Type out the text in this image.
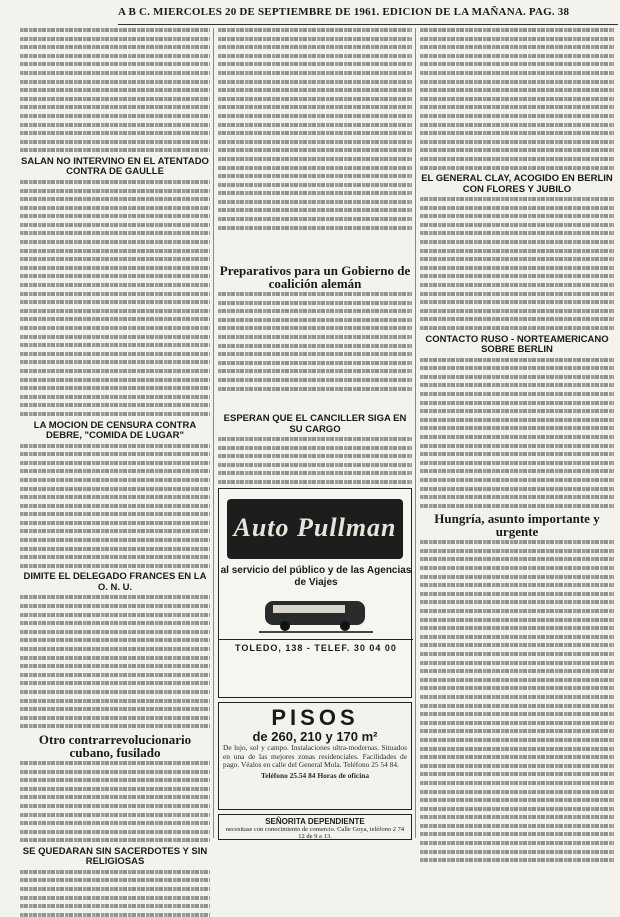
A B C. MIERCOLES 20 DE SEPTIEMBRE DE 1961. EDICION DE LA MAÑANA. PAG. 38
SALAN NO INTERVINO EN EL ATENTADO CONTRA DE GAULLE
LA MOCION DE CENSURA CONTRA DEBRE, "COMIDA DE LUGAR"
DIMITE EL DELEGADO FRANCES EN LA O. N. U.
Otro contrarrevolucionario cubano, fusilado
SE QUEDARAN SIN SACERDOTES Y SIN RELIGIOSAS
Preparativos para un Gobierno de coalición alemán
ESPERAN QUE EL CANCILLER SIGA EN SU CARGO
Auto Pullman
al servicio del público y de las Agencias de Viajes
TOLEDO, 138 - TELEF. 30 04 00
PISOS
de 260, 210 y 170 m²
De lujo, sol y campo. Instalaciones ultra-modernas. Situados en una de las mejores zonas residenciales. Facilidades de pago. Véalos en calle del General Mola. Teléfono 25 54 84.
Teléfono 25.54 84 Horas de oficina
SEÑORITA DEPENDIENTE
necesitase con conocimiento de comercio. Calle Goya, teléfono 2 74 12 de 9 a 13.
EL GENERAL CLAY, ACOGIDO EN BERLIN CON FLORES Y JUBILO
CONTACTO RUSO - NORTEAMERICANO SOBRE BERLIN
Hungría, asunto importante y urgente
